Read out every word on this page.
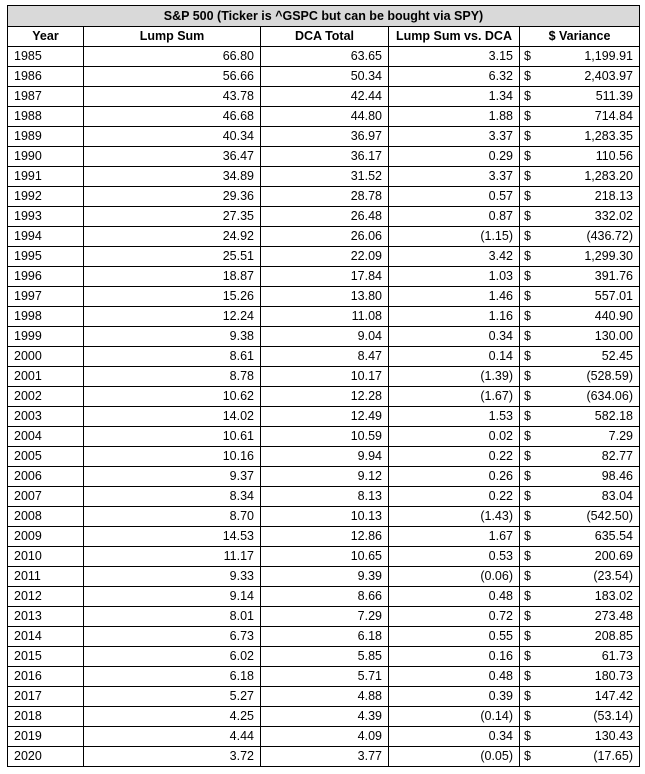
S&P 500 (Ticker is ^GSPC but can be bought via SPY)				
Year	Lump Sum	DCA Total	Lump Sum vs. DCA	$ Variance
1985	66.80	63.65	3.15	$ 1,199.91

1986	56.66	50.34	6.32	$ 2,403.97

1987	43.78	42.44	1.34	$ 511.39

1988	46.68	44.80	1.88	$ 714.84

1989	40.34	36.97	3.37	$ 1,283.35

1990	36.47	36.17	0.29	$ 110.56

1991	34.89	31.52	3.37	$ 1,283.20

1992	29.36	28.78	0.57	$ 218.13

1993	27.35	26.48	0.87	$ 332.02

1994	24.92	26.06	(1.15)	$ (436.72)

1995	25.51	22.09	3.42	$ 1,299.30

1996	18.87	17.84	1.03	$ 391.76

1997	15.26	13.80	1.46	$ 557.01

1998	12.24	11.08	1.16	$ 440.90

1999	9.38	9.04	0.34	$ 130.00

2000	8.61	8.47	0.14	$ 52.45

2001	8.78	10.17	(1.39)	$ (528.59)

2002	10.62	12.28	(1.67)	$ (634.06)

2003	14.02	12.49	1.53	$ 582.18

2004	10.61	10.59	0.02	$ 7.29

2005	10.16	9.94	0.22	$ 82.77

2006	9.37	9.12	0.26	$ 98.46

2007	8.34	8.13	0.22	$ 83.04

2008	8.70	10.13	(1.43)	$ (542.50)

2009	14.53	12.86	1.67	$ 635.54

2010	11.17	10.65	0.53	$ 200.69

2011	9.33	9.39	(0.06)	$ (23.54)

2012	9.14	8.66	0.48	$ 183.02

2013	8.01	7.29	0.72	$ 273.48

2014	6.73	6.18	0.55	$ 208.85

2015	6.02	5.85	0.16	$ 61.73

2016	6.18	5.71	0.48	$ 180.73

2017	5.27	4.88	0.39	$ 147.42

2018	4.25	4.39	(0.14)	$ (53.14)

2019	4.44	4.09	0.34	$ 130.43

2020	3.72	3.77	(0.05)	$ (17.65)
